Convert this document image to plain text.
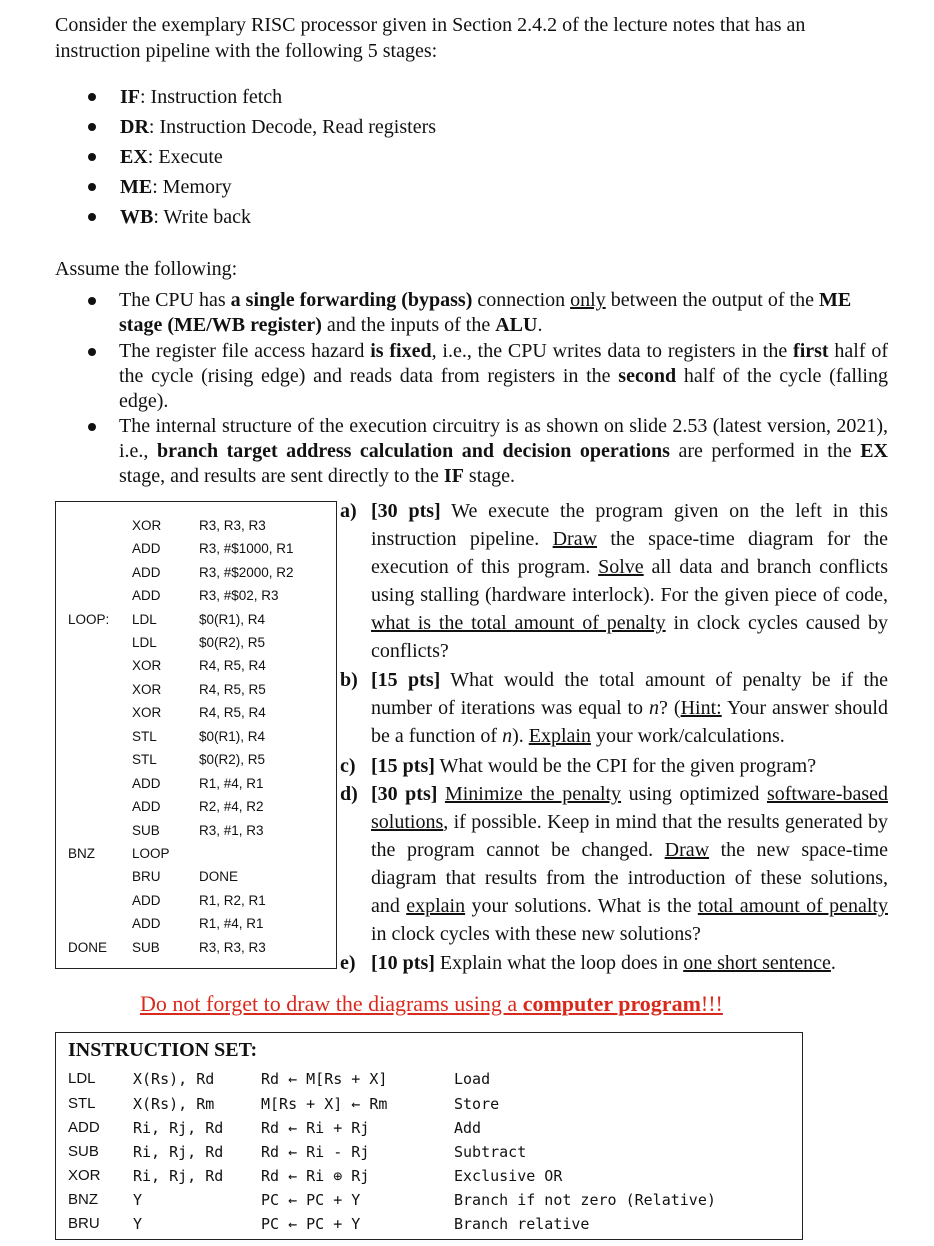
Consider the exemplary RISC processor given in Section 2.4.2 of the lecture notes that has an
instruction pipeline with the following 5 stages:
IF : Instruction fetch
DR : Instruction Decode, Read registers
EX : Execute
ME : Memory
WB : Write back
Assume the following:
The CPU has a single forwarding (bypass) connection only between the output of the ME
stage (ME/WB register) and the inputs of the ALU.
The register file access hazard is fixed, i.e., the CPU writes data to registers in the first half of the cycle (rising edge) and reads data from registers in the second half of the cycle (falling edge).
The internal structure of the execution circuitry is as shown on slide 2.53 (latest version, 2021), i.e., branch target address calculation and decision operations are performed in the EX stage, and results are sent directly to the IF stage.
XOR	R3, R3, R3
ADD	R3, #$1000, R1
ADD	R3, #$2000, R2
ADD	R3, #$02, R3
LOOP: LDL	$0(R1), R4
LDL	$0(R2), R5
XOR	R4, R5, R4
XOR	R4, R5, R5
XOR	R4, R5, R4
STL	$0(R1), R4
STL	$0(R2), R5
ADD	R1, #4, R1
ADD	R2, #4, R2
SUB	R3, #1, R3
BNZ	LOOP
BRU	DONE
ADD	R1, R2, R1
ADD	R1, #4, R1
DONE SUB	R3, R3, R3
a) [30 pts] We execute the program given on the left in this instruction pipeline. Draw the space-time diagram for the execution of this program. Solve all data and branch conflicts using stalling (hardware interlock). For the given piece of code, what is the total amount of penalty in clock cycles caused by conflicts?
b) [15 pts] What would the total amount of penalty be if the number of iterations was equal to n? (Hint: Your answer should be a function of n). Explain your work/calculations.
c) [15 pts] What would be the CPI for the given program?
d) [30 pts] Minimize the penalty using optimized software-based solutions, if possible. Keep in mind that the results generated by the program cannot be changed. Draw the new space-time diagram that results from the introduction of these solutions, and explain your solutions. What is the total amount of penalty in clock cycles with these new solutions?
e) [10 pts] Explain what the loop does in one short sentence.
Do not forget to draw the diagrams using a computer program!!!
INSTRUCTION SET:
LDL X(Rs), Rd	Rd ← M[Rs + X]	Load
STL X(Rs), Rm	M[Rs + X] ← Rm	Store
ADD Ri, Rj, Rd	Rd ← Ri + Rj	Add
SUB Ri, Rj, Rd	Rd ← Ri - Rj	Subtract
XOR Ri, Rj, Rd	Rd ← Ri ⊕ Rj	Exclusive OR
BNZ Y	PC ← PC + Y	Branch if not zero (Relative)
BRU Y	PC ← PC + Y	Branch relative
